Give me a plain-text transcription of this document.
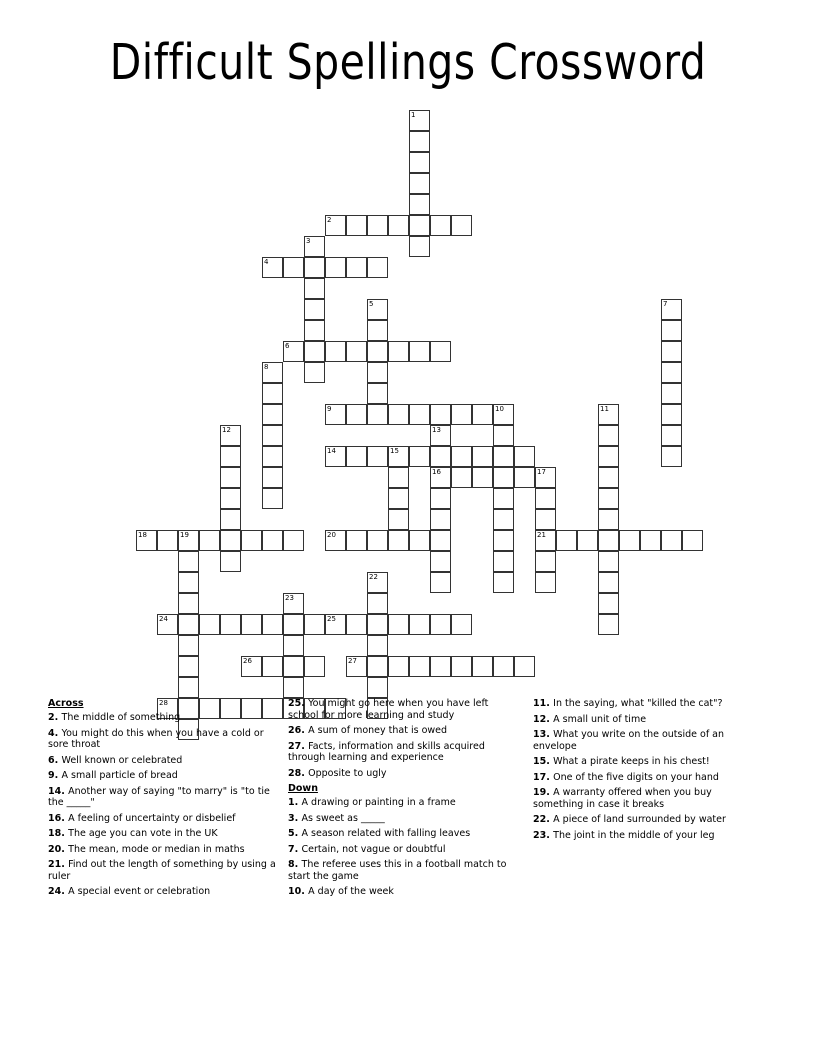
Difficult Spellings Crossword
1
2
3
4
5
6
7
8
9	10	11
12	13
16
14	15
17
21
18	19	20
22
23
24	25
26	27
28
Across
2. The middle of something
4. You might do this when you have a cold or sore throat
6. Well known or celebrated
9. A small particle of bread
14. Another way of saying "to marry" is "to tie the _____"
16. A feeling of uncertainty or disbelief
18. The age you can vote in the UK
20. The mean, mode or median in maths
21. Find out the length of something by using a ruler
24. A special event or celebration
25. You might go here when you have left school for more learning and study
26. A sum of money that is owed
27. Facts, information and skills acquired through learning and experience
28. Opposite to ugly
Down
1. A drawing or painting in a frame
3. As sweet as _____
5. A season related with falling leaves
7. Certain, not vague or doubtful
8. The referee uses this in a football match to start the game
10. A day of the week
11. In the saying, what "killed the cat"?
12. A small unit of time
13. What you write on the outside of an envelope
15. What a pirate keeps in his chest!
17. One of the five digits on your hand
19. A warranty offered when you buy something in case it breaks
22. A piece of land surrounded by water
23. The joint in the middle of your leg
